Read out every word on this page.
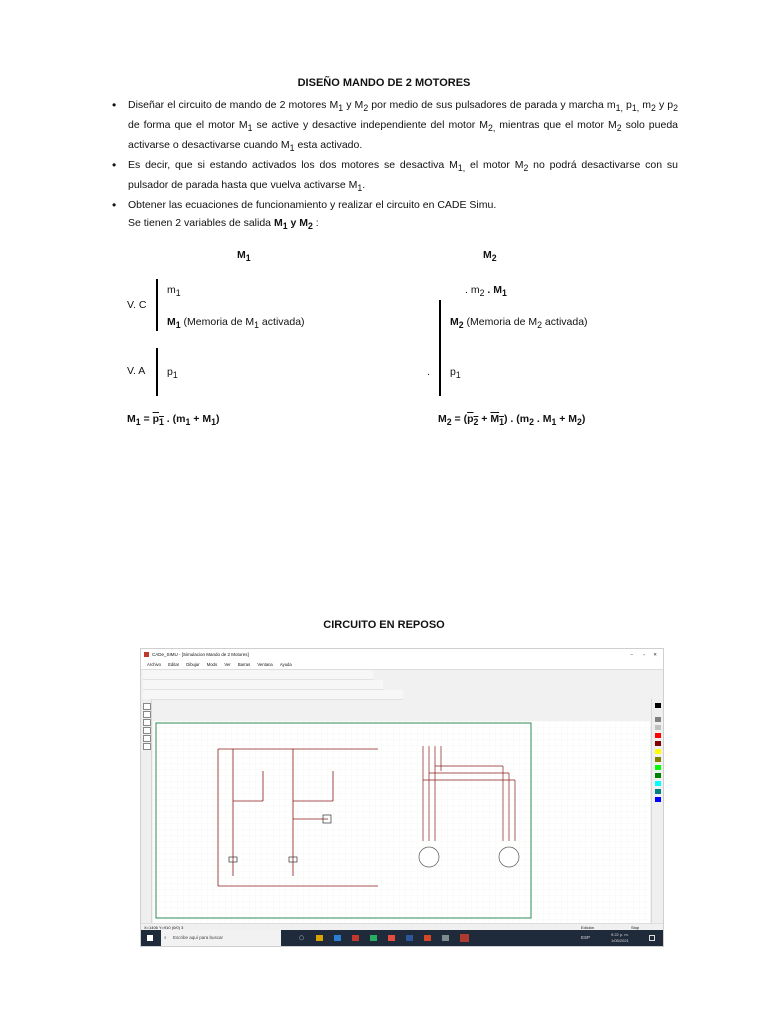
DISEÑO MANDO DE 2 MOTORES
• Diseñar el circuito de mando de 2 motores $M_1$ y $M_2$ por medio de sus pulsadores de parada y marcha $m_{1,}$ $p_{1,}$ $m_2$ y $p_2$ de forma que el motor $M_1$ se active y desactive independiente del motor $M_{2,}$ mientras que el motor $M_2$ solo pueda activarse o desactivarse cuando $M_1$ esta activado.
• Es decir, que si estando activados los dos motores se desactiva $M_{1,}$ el motor $M_2$ no podrá desactivarse con su pulsador de parada hasta que vuelva activarse $M_1$.
• Obtener las ecuaciones de funcionamiento y realizar el circuito en CADE Simu.
Se tienen 2 variables de salida $M_1$ y $M_2$ :
$M_1$
V. C
$m_1$
$M_1$ (Memoria de $M_1$ activada)
V. A $p_1$
$M_1 = p_1$ . $(m_1 + M_1)$
$M_2$
. $m_2$ . $M_1$
$M_2$ (Memoria de $M_2$ activada)
. $p_1$
$M_2 = (p_2 + M_1)$ . ($m_2$ . $M_1 + M_2$)
CIRCUITO EN REPOSO
CADe_SIMU - [Simulacion Mando de 2 Motores]	– ▫ ✕
Archivo Editar Dibujar Modo Ver Barras Ventana Ayuda
X=1406 Y=910 (0/0) 3	Edición	Stop
⌕ Escribe aquí para buscar	◯	ESP
9:22 p. m.
1/05/2021
